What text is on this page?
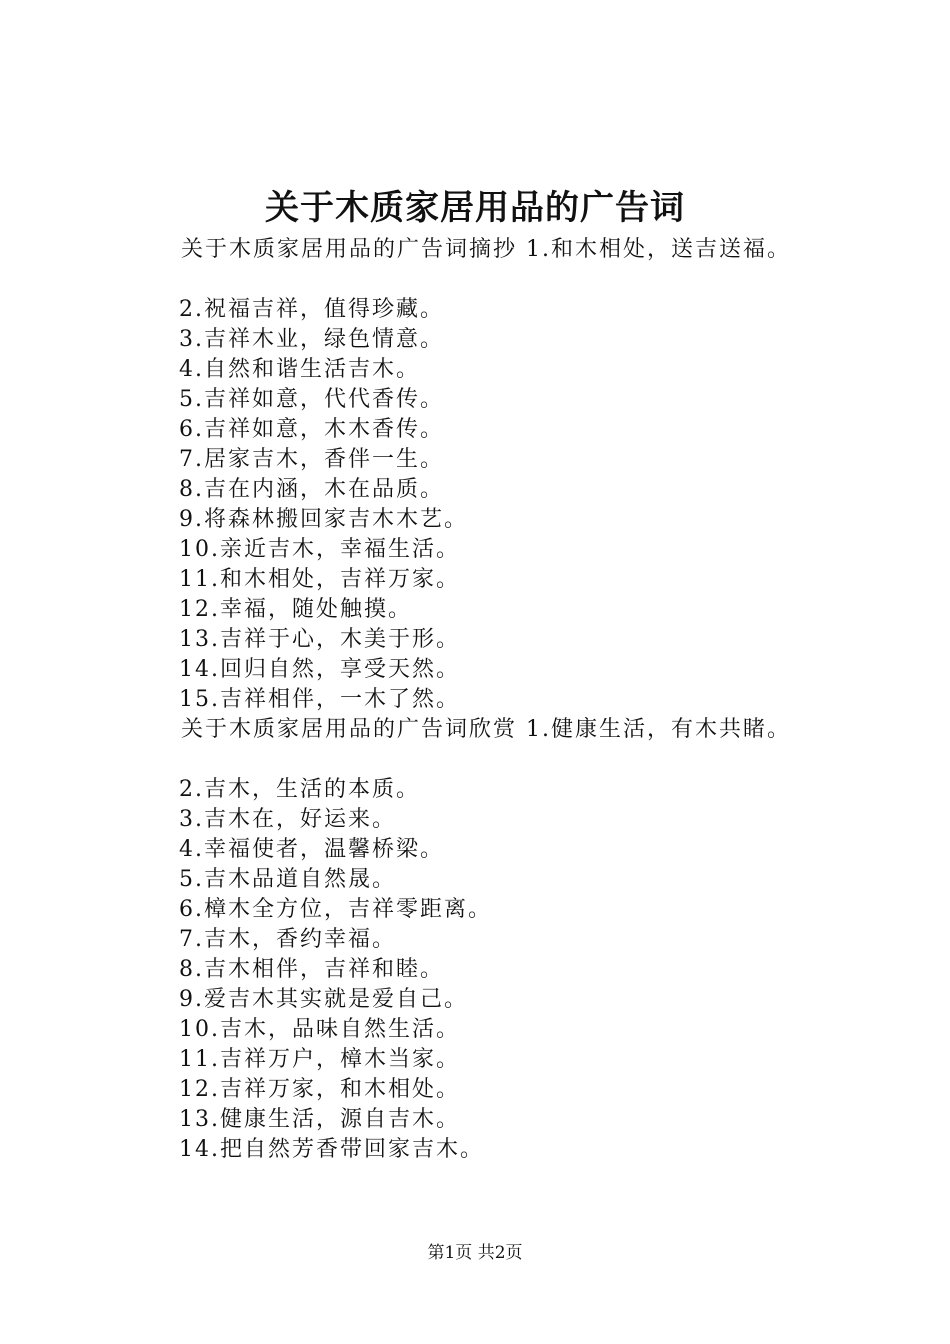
关于木质家居用品的广告词
关于木质家居用品的广告词摘抄 1.和木相处，送吉送福。
2.祝福吉祥，值得珍藏。
3.吉祥木业，绿色情意。
4.自然和谐生活吉木。
5.吉祥如意，代代香传。
6.吉祥如意，木木香传。
7.居家吉木，香伴一生。
8.吉在内涵，木在品质。
9.将森林搬回家吉木木艺。
10.亲近吉木，幸福生活。
11.和木相处，吉祥万家。
12.幸福，随处触摸。
13.吉祥于心，木美于形。
14.回归自然，享受天然。
15.吉祥相伴，一木了然。
关于木质家居用品的广告词欣赏 1.健康生活，有木共睹。
2.吉木，生活的本质。
3.吉木在，好运来。
4.幸福使者，温馨桥梁。
5.吉木品道自然晟。
6.樟木全方位，吉祥零距离。
7.吉木，香约幸福。
8.吉木相伴，吉祥和睦。
9.爱吉木其实就是爱自己。
10.吉木，品味自然生活。
11.吉祥万户，樟木当家。
12.吉祥万家，和木相处。
13.健康生活，源自吉木。
14.把自然芳香带回家吉木。
第1页 共2页
